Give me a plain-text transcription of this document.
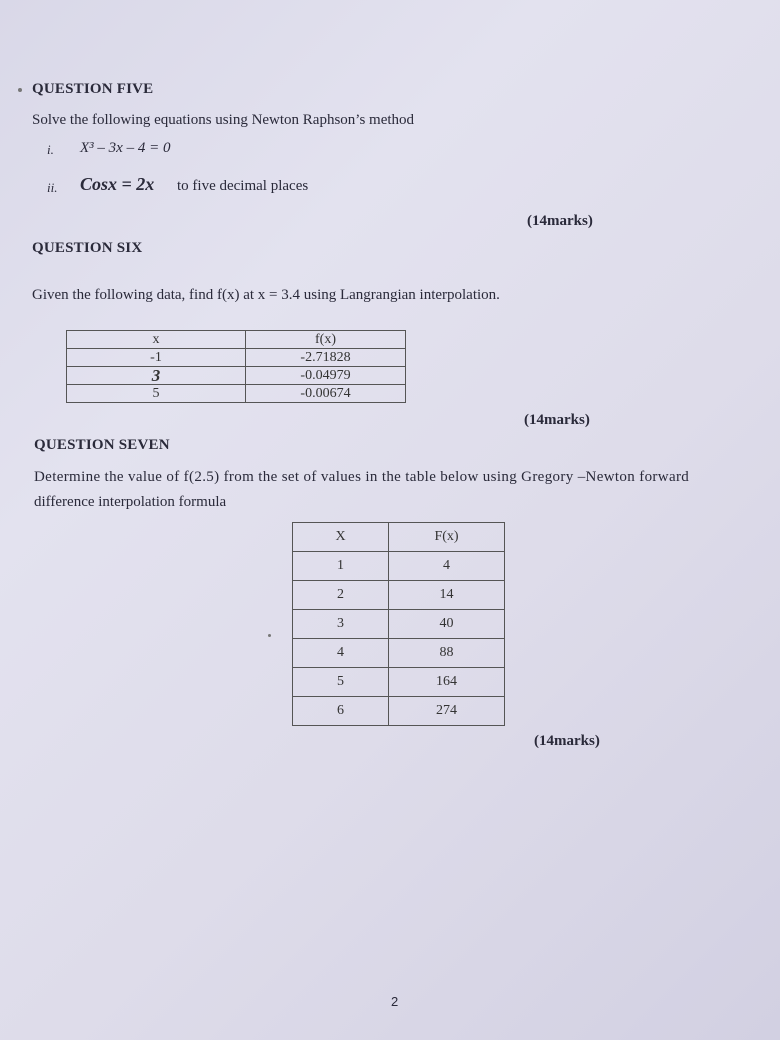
QUESTION FIVE
Solve the following equations using Newton Raphson’s method
i. X³ – 3x – 4 = 0
ii. Cosx = 2x to five decimal places
(14marks)
QUESTION SIX
Given the following data, find f(x) at x = 3.4 using Langrangian interpolation.
x	f(x)
-1	-2.71828
3	-0.04979
5	-0.00674
(14marks)
QUESTION SEVEN
Determine the value of f(2.5) from the set of values in the table below using Gregory –Newton forward
difference interpolation formula
X	F(x)
1	4
2	14
3	40
4	88
5	164
6	274
(14marks)
2
